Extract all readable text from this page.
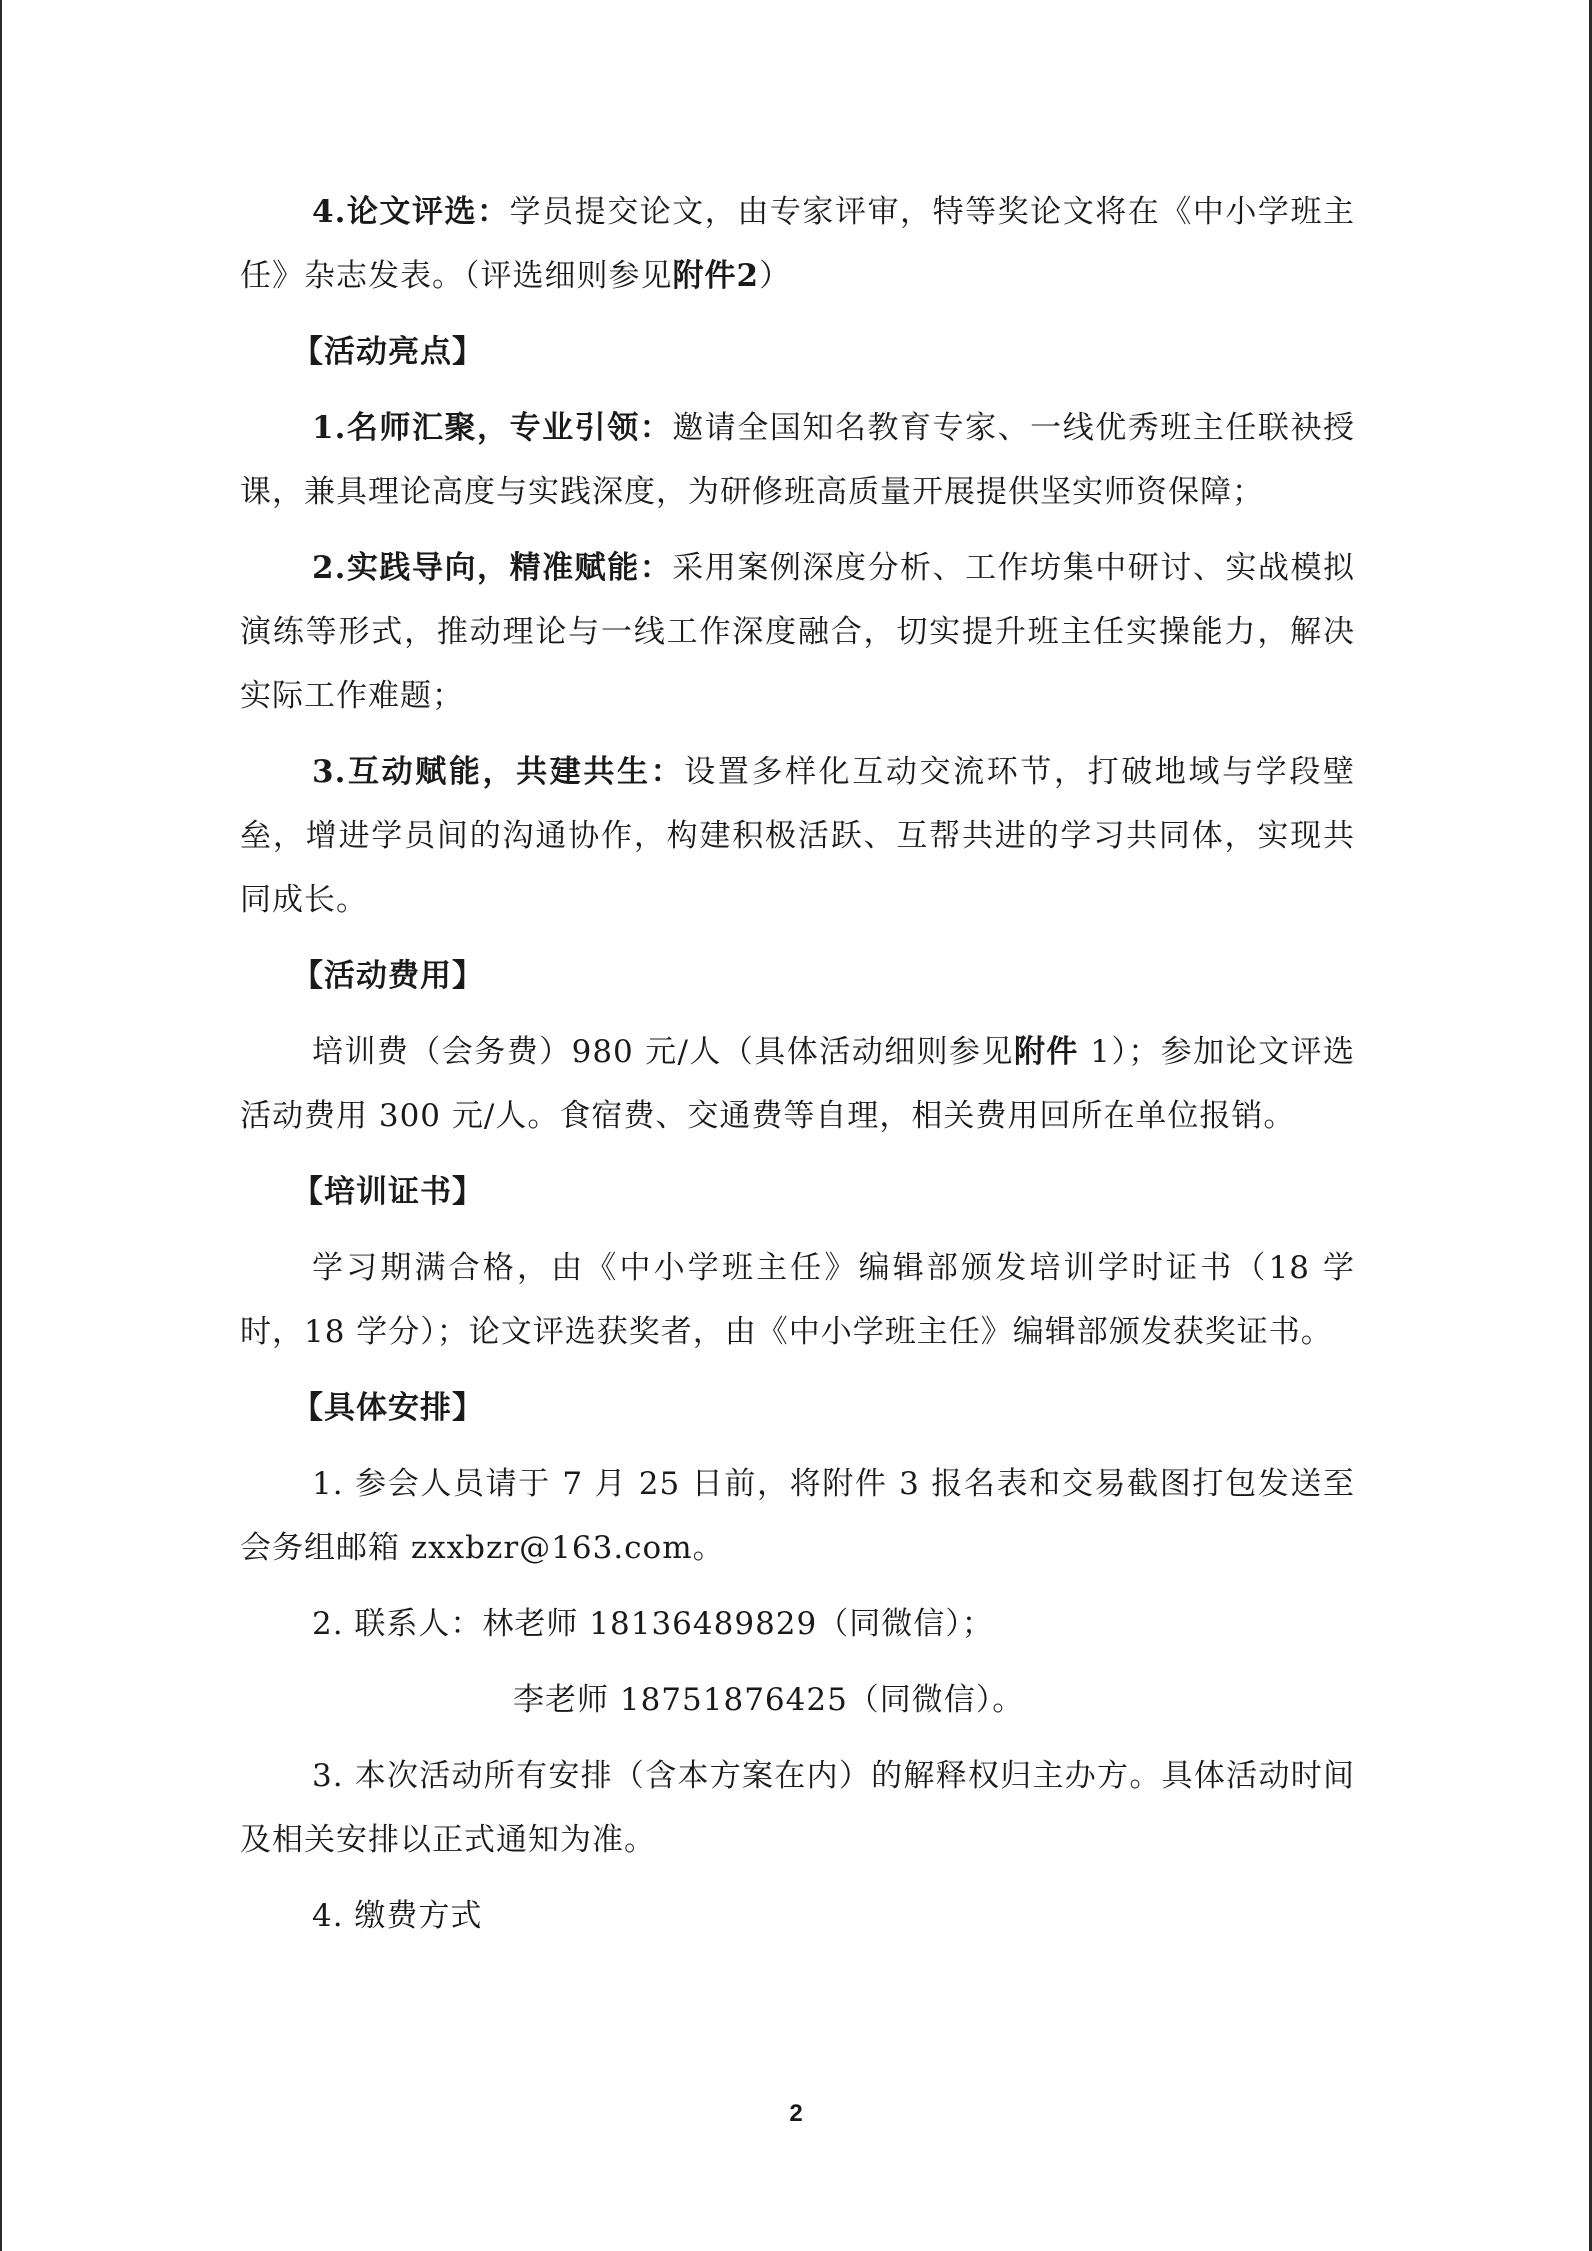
4.论文评选：学员提交论文，由专家评审，特等奖论文将在《中小学班主任》杂志发表。（评选细则参见附件2）

【活动亮点】

1.名师汇聚，专业引领：邀请全国知名教育专家、一线优秀班主任联袂授课，兼具理论高度与实践深度，为研修班高质量开展提供坚实师资保障；

2.实践导向，精准赋能：采用案例深度分析、工作坊集中研讨、实战模拟演练等形式，推动理论与一线工作深度融合，切实提升班主任实操能力，解决实际工作难题；

3.互动赋能，共建共生：设置多样化互动交流环节，打破地域与学段壁垒，增进学员间的沟通协作，构建积极活跃、互帮共进的学习共同体，实现共同成长。

【活动费用】

培训费（会务费）980 元/人（具体活动细则参见附件 1）；参加论文评选活动费用 300 元/人。食宿费、交通费等自理，相关费用回所在单位报销。

【培训证书】

学习期满合格，由《中小学班主任》编辑部颁发培训学时证书（18 学时，18 学分）；论文评选获奖者，由《中小学班主任》编辑部颁发获奖证书。

【具体安排】

1. 参会人员请于 7 月 25 日前，将附件 3 报名表和交易截图打包发送至会务组邮箱 zxxbzr@163.com。

2. 联系人：林老师 18136489829（同微信）；

李老师 18751876425（同微信）。

3. 本次活动所有安排（含本方案在内）的解释权归主办方。具体活动时间及相关安排以正式通知为准。

4. 缴费方式

2
